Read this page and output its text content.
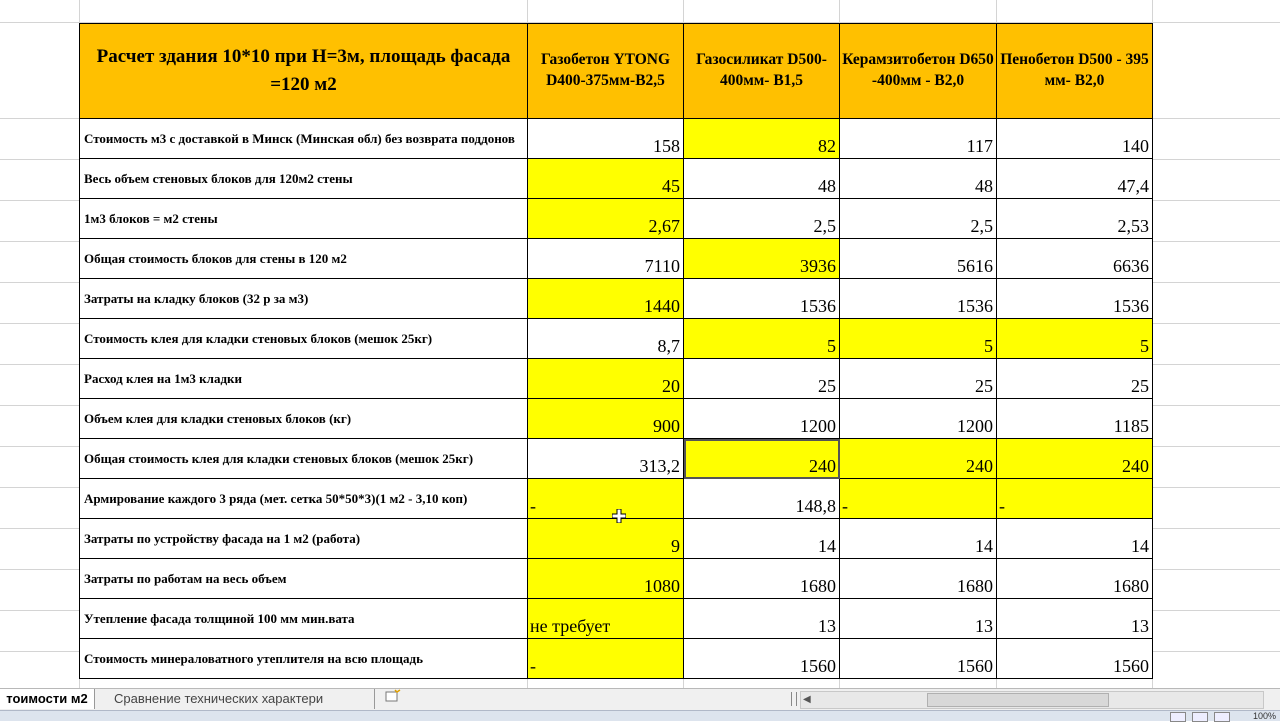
Расчет здания 10*10 при Н=3м, площадь фасада =120 м2	Газобетон YTONG D400-375мм-B2,5	Газосиликат D500-400мм- B1,5	Керамзитобетон D650 -400мм - B2,0	Пенобетон D500 - 395 мм- B2,0
Стоимость м3 с доставкой в Минск (Минская обл) без возврата поддонов	158	82	117	140

Весь объем стеновых блоков для 120м2 стены	45	48	48	47,4

1м3 блоков = м2 стены	2,67	2,5	2,5	2,53

Общая стоимость блоков для стены в 120 м2	7110	3936	5616	6636

Затраты на кладку блоков (32 р за м3)	1440	1536	1536	1536

Стоимость клея для кладки стеновых блоков (мешок 25кг)	8,7	5	5	5

Расход клея на 1м3 кладки	20	25	25	25

Объем клея для кладки стеновых блоков (кг)	900	1200	1200	1185

Общая стоимость клея для кладки стеновых блоков (мешок 25кг)	313,2	240	240	240

Армирование каждого 3 ряда (мет. сетка 50*50*3)(1 м2 - 3,10 коп)	-	148,8	-	-

Затраты по устройству фасада на 1 м2 (работа)	9	14	14	14

Затраты по работам на весь объем	1080	1680	1680	1680

Утепление фасада толщиной 100 мм мин.вата	не требует	13	13	13

Стоимость минераловатного утеплителя на всю площадь	-	1560	1560	1560
тоимости м2	Сравнение технических характери	◀
100%
